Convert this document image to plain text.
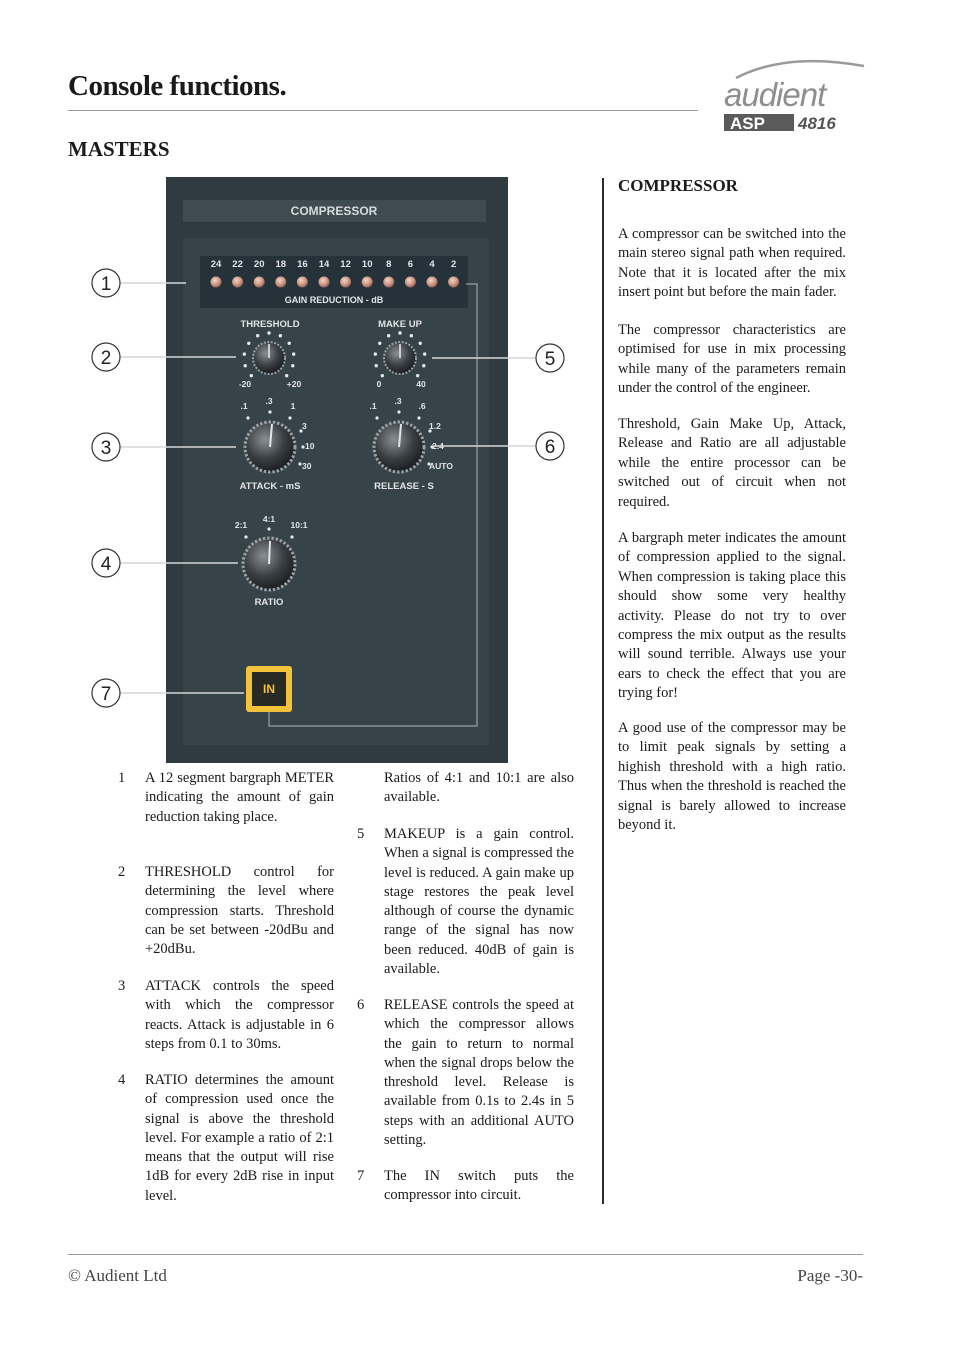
Console functions.	audient
ASP 4816
MASTERS
COMPRESSOR
24 22 20 18 16 14 12 10 8 6 4 2
GAIN REDUCTION - dB
THRESHOLD
-20	+20
MAKE UP
0	40
.1 .3 1
3
10
30
ATTACK - mS
.1 .3 .6
1.2
2.4
AUTO
RELEASE - S
2:1
4:1
10:1
RATIO
IN
1
2
3
4
7
5
6
1	A 12 segment bargraph METER indicating the amount of gain reduction taking place.
2	THRESHOLD control for determining the level where compression starts. Threshold can be set between -20dBu and +20dBu.
3	ATTACK controls the speed with which the compressor reacts. Attack is adjustable in 6 steps from 0.1 to 30ms.
4	RATIO determines the amount of compression used once the signal is above the threshold level. For example a ratio of 2:1 means that the output will rise 1dB for every 2dB rise in input level.
Ratios of 4:1 and 10:1 are also available.
5	MAKEUP is a gain control. When a signal is compressed the level is reduced. A gain make up stage restores the peak level although of course the dynamic range of the signal has now been reduced. 40dB of gain is available.
6	RELEASE controls the speed at which the compressor allows the gain to return to normal when the signal drops below the threshold level. Release is available from 0.1s to 2.4s in 5 steps with an additional AUTO setting.
7	The IN switch puts the compressor into circuit.
COMPRESSOR
A compressor can be switched into the main stereo signal path when required. Note that it is located after the mix insert point but before the main fader.
The compressor characteristics are optimised for use in mix processing while many of the parameters remain under the control of the engineer.
Threshold, Gain Make Up, Attack, Release and Ratio are all adjustable while the entire processor can be switched out of circuit when not required.
A bargraph meter indicates the amount of compression applied to the signal. When compression is taking place this should show some very healthy activity. Please do not try to over compress the mix output as the results will sound terrible. Always use your ears to check the effect that you are trying for!
A good use of the compressor may be to limit peak signals by setting a highish threshold with a high ratio. Thus when the threshold is reached the signal is barely allowed to increase beyond it.
© Audient Ltd	Page -30-
